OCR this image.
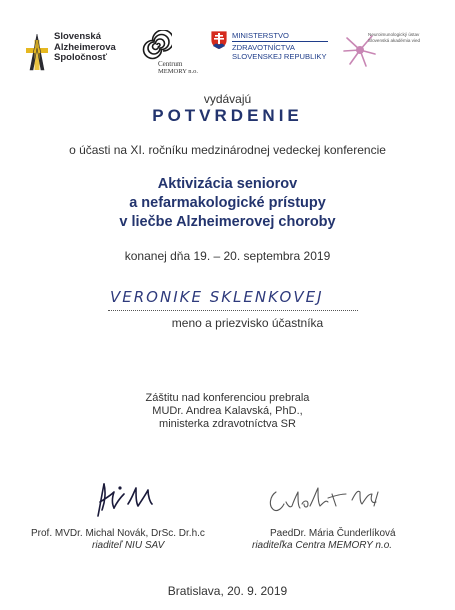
Slovenská
Alzheimerova
Spoločnosť
Centrum
MEMORY n.o.
MINISTERSTVO
ZDRAVOTNÍCTVA
SLOVENSKEJ REPUBLIKY
Neuroimunologický ústav
Slovenská akadémia vied
vydávajú
POTVRDENIE
o účasti na XI. ročníku medzinárodnej vedeckej konferencie
Aktivizácia seniorov
a nefarmakologické prístupy
v liečbe Alzheimerovej choroby
konanej dňa 19. – 20. septembra 2019
VERONIKE SKLENKOVEJ
meno a priezvisko účastníka
Záštitu nad konferenciou prebrala
MUDr. Andrea Kalavská, PhD.,
ministerka zdravotníctva SR
Prof. MVDr. Michal Novák, DrSc. Dr.h.c
riaditeľ NIU SAV
PaedDr. Mária Čunderlíková
riaditeľka Centra MEMORY n.o.
Bratislava, 20. 9. 2019
